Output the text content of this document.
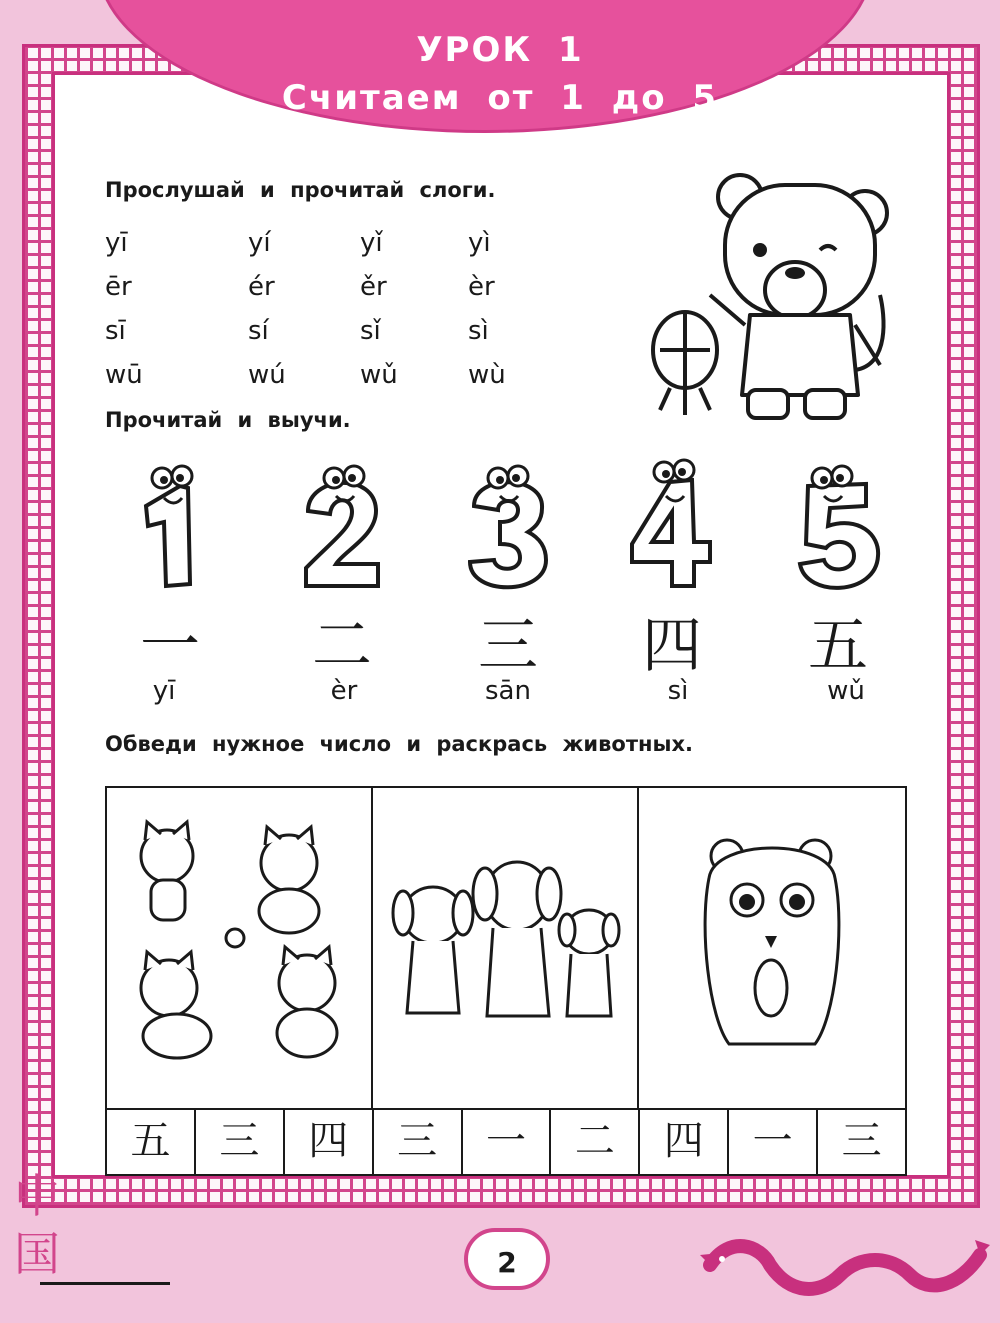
УРОК 1
Считаем от 1 до 5
Прослушай и прочитай слоги.
yī	yí	yǐ	yì
ēr	ér	ěr	èr
sī	sí	sǐ	sì
wū	wú	wǔ	wù
Прочитай и выучи.
一	二	三	四	五
yī	èr	sān	sì	wǔ
Обведи нужное число и раскрась животных.
五	三	四	三	一	二	四	一	三
中
国	2
